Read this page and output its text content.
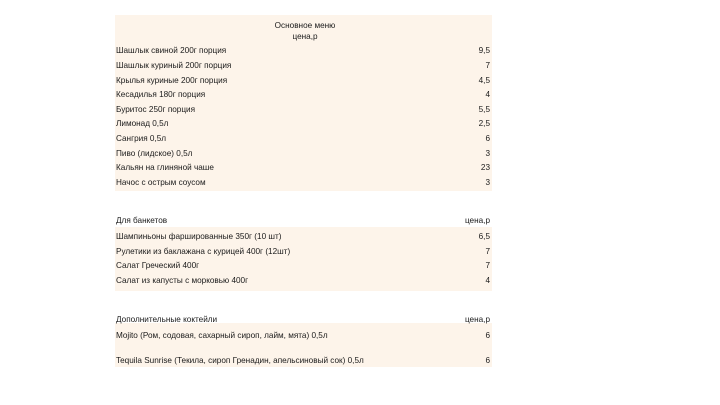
Основное меню
цена,р
Шашлык свиной 200г порция	9,5
Шашлык куриный 200г порция	7
Крылья куриные 200г порция	4,5
Кесадилья 180г порция	4
Буритос 250г порция	5,5
Лимонад 0,5л	2,5
Сангрия 0,5л	6
Пиво (лидское) 0,5л	3
Кальян на глиняной чаше	23
Начос с острым соусом	3
Для банкетов	цена,р
Шампиньоны фаршированные 350г (10 шт)	6,5
Рулетики из баклажана с курицей 400г (12шт)	7
Салат Греческий 400г	7
Салат из капусты с морковью 400г	4
Дополнительные коктейли	цена,р
Mojito (Ром, содовая, сахарный сироп, лайм, мята) 0,5л	6
Tequila Sunrise (Текила, сироп Гренадин, апельсиновый сок) 0,5л	6
